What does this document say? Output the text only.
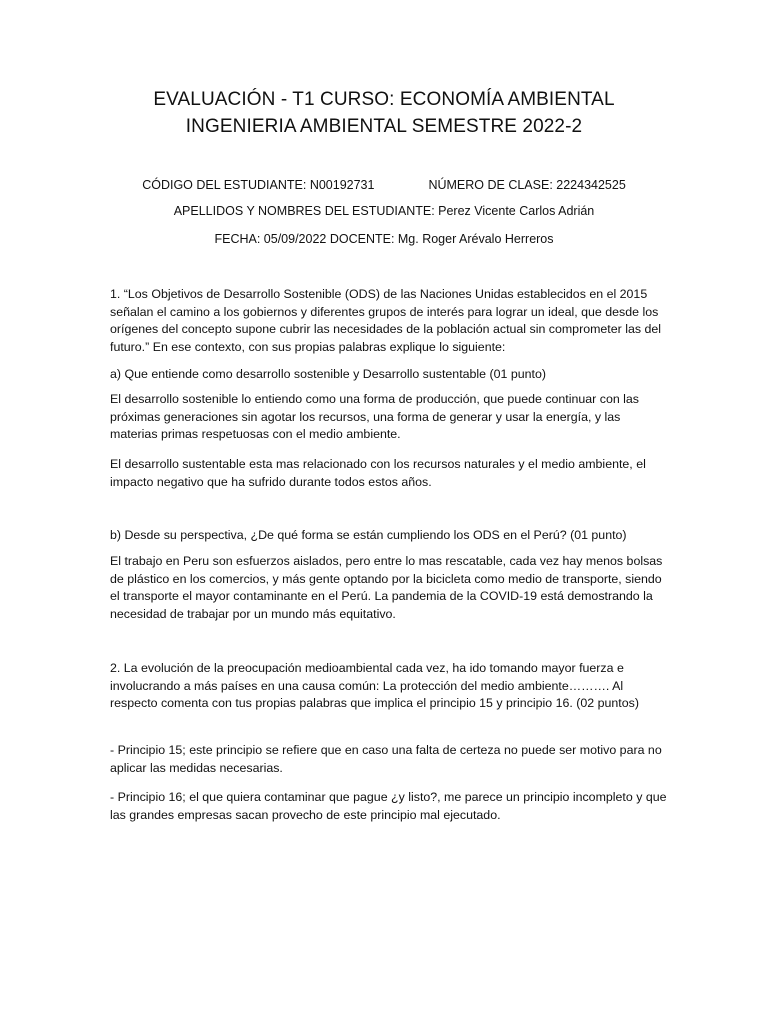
EVALUACIÓN - T1 CURSO: ECONOMÍA AMBIENTAL INGENIERIA AMBIENTAL SEMESTRE 2022-2
CÓDIGO DEL ESTUDIANTE: N00192731	NÚMERO DE CLASE: 2224342525

APELLIDOS Y NOMBRES DEL ESTUDIANTE: Perez Vicente Carlos Adrián

FECHA: 05/09/2022 DOCENTE: Mg. Roger Arévalo Herreros

1. “Los Objetivos de Desarrollo Sostenible (ODS) de las Naciones Unidas establecidos en el 2015 señalan el camino a los gobiernos y diferentes grupos de interés para lograr un ideal, que desde los orígenes del concepto supone cubrir las necesidades de la población actual sin comprometer las del futuro.” En ese contexto, con sus propias palabras explique lo siguiente:

a) Que entiende como desarrollo sostenible y Desarrollo sustentable (01 punto)

El desarrollo sostenible lo entiendo como una forma de producción, que puede continuar con las próximas generaciones sin agotar los recursos, una forma de generar y usar la energía, y las materias primas respetuosas con el medio ambiente.

El desarrollo sustentable esta mas relacionado con los recursos naturales y el medio ambiente, el impacto negativo que ha sufrido durante todos estos años.

b) Desde su perspectiva, ¿De qué forma se están cumpliendo los ODS en el Perú? (01 punto)

El trabajo en Peru son esfuerzos aislados, pero entre lo mas rescatable, cada vez hay menos bolsas de plástico en los comercios, y más gente optando por la bicicleta como medio de transporte, siendo el transporte el mayor contaminante en el Perú. La pandemia de la COVID-19 está demostrando la necesidad de trabajar por un mundo más equitativo.

2. La evolución de la preocupación medioambiental cada vez, ha ido tomando mayor fuerza e involucrando a más países en una causa común: La protección del medio ambiente………. Al respecto comenta con tus propias palabras que implica el principio 15 y principio 16. (02 puntos)

- Principio 15; este principio se refiere que en caso una falta de certeza no puede ser motivo para no aplicar las medidas necesarias.

- Principio 16; el que quiera contaminar que pague ¿y listo?, me parece un principio incompleto y que las grandes empresas sacan provecho de este principio mal ejecutado.
